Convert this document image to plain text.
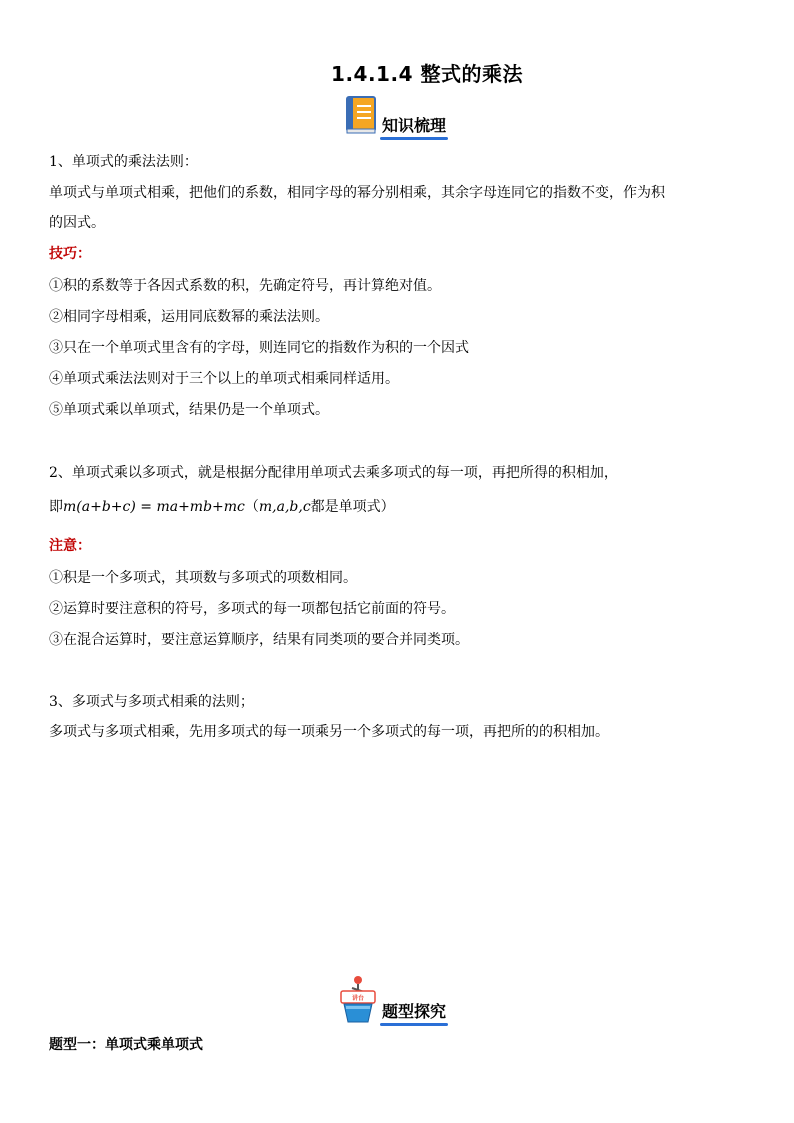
1.4.1.4 整式的乘法
知识梳理
1、单项式的乘法法则：
单项式与单项式相乘，把他们的系数，相同字母的幂分别相乘，其余字母连同它的指数不变，作为积
的因式。
技巧：
①积的系数等于各因式系数的积，先确定符号，再计算绝对值。
②相同字母相乘，运用同底数幂的乘法法则。
③只在一个单项式里含有的字母，则连同它的指数作为积的一个因式
④单项式乘法法则对于三个以上的单项式相乘同样适用。
⑤单项式乘以单项式，结果仍是一个单项式。
2、单项式乘以多项式，就是根据分配律用单项式去乘多项式的每一项，再把所得的积相加，
即m(a+b+c) = ma+mb+mc（m,a,b,c都是单项式）
注意：
①积是一个多项式，其项数与多项式的项数相同。
②运算时要注意积的符号，多项式的每一项都包括它前面的符号。
③在混合运算时，要注意运算顺序，结果有同类项的要合并同类项。
3、多项式与多项式相乘的法则；
多项式与多项式相乘，先用多项式的每一项乘另一个多项式的每一项，再把所的的积相加。
讲台
题型探究
题型一：单项式乘单项式
